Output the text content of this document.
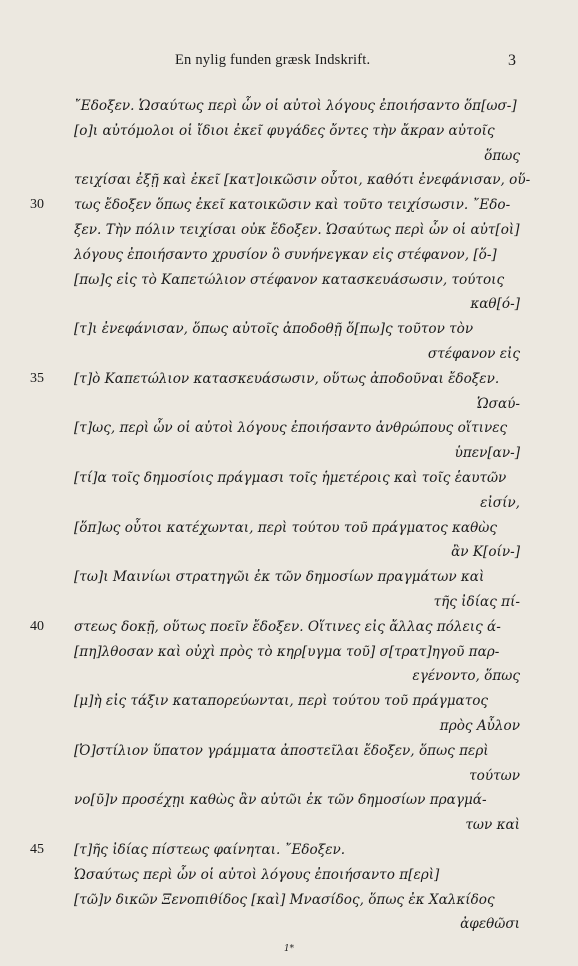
En nylig funden græsk Indskrift.	3
῎Εδοξεν. Ὡσαύτως περὶ ὧν οἱ αὐτοὶ λόγους ἐποιήσαντο ὅπ[ωσ-]
[ο]ι αὐτόμολοι οἱ ἴδιοι ἐκεῖ φυγάδες ὄντες τὴν ἄκραν αὐτοῖς
ὅπως
τειχίσαι ἐξῇ καὶ ἐκεῖ [κατ]οικῶσιν οὗτοι, καθότι ἐνεφάνισαν, οὕ-
30 τως ἔδοξεν ὅπως ἐκεῖ κατοικῶσιν καὶ τοῦτο τειχίσωσιν. ῎Εδο-
ξεν. Τὴν πόλιν τειχίσαι οὐκ ἔδοξεν. Ὡσαύτως περὶ ὧν οἱ αὐτ[οὶ]
λόγους ἐποιήσαντο χρυσίον ὃ συνήνεγκαν εἰς στέφανον, [ὅ-]
[πω]ς εἰς τὸ Καπετώλιον στέφανον κατασκευάσωσιν, τούτοις
καθ[ό-]
[τ]ι ἐνεφάνισαν, ὅπως αὐτοῖς ἀποδοθῇ ὅ[πω]ς τοῦτον τὸν
στέφανον εἰς
35 [τ]ὸ Καπετώλιον κατασκευάσωσιν, οὕτως ἀποδοῦναι ἔδοξεν.
Ὡσαύ-
[τ]ως, περὶ ὧν οἱ αὐτοὶ λόγους ἐποιήσαντο ἀνθρώπους οἵτινες
ὑπεν[αν-]
[τί]α τοῖς δημοσίοις πράγμασι τοῖς ἡμετέροις καὶ τοῖς ἑαυτῶν
εἰσίν,
[ὅπ]ως οὗτοι κατέχωνται, περὶ τούτου τοῦ πράγματος καθὼς
ἂν Κ[οίν-]
[τω]ι Μαινίωι στρατηγῶι ἐκ τῶν δημοσίων πραγμάτων καὶ
τῆς ἰδίας πί-
40 στεως δοκῇ, οὕτως ποεῖν ἔδοξεν. Οἵτινες εἰς ἄλλας πόλεις ά-
[πη]λθοσαν καὶ οὐχὶ πρὸς τὸ κηρ[υγμα τοῦ] σ[τρατ]ηγοῦ παρ-
εγένοντο, ὅπως
[μ]ὴ εἰς τάξιν καταπορεύωνται, περὶ τούτου τοῦ πράγματος
πρὸς Αὖλον
[Ὀ]στίλιον ὕπατον γράμματα ἀποστεῖλαι ἔδοξεν, ὅπως περὶ
τούτων
νο[ῦ]ν προσέχῃι καθὼς ἂν αὐτῶι ἐκ τῶν δημοσίων πραγμά-
των καὶ
45 [τ]ῆς ἰδίας πίστεως φαίνηται. ῎Εδοξεν.
Ὡσαύτως περὶ ὧν οἱ αὐτοὶ λόγους ἐποιήσαντο π[ερὶ]
[τῶ]ν δικῶν Ξενοπιθίδος [καὶ] Μνασίδος, ὅπως ἐκ Χαλκίδος
ἀφεθῶσι
1*
